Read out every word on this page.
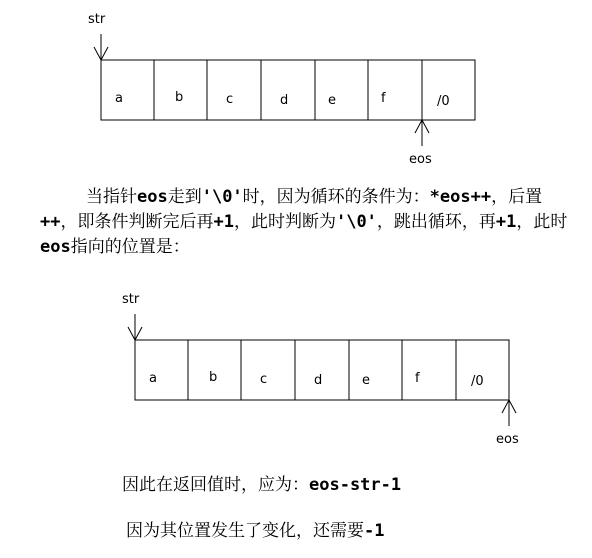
a	b	c	d	e	f	/0
str
eos
a	b	c	d	e	f	/0
str
eos

当指针eos走到'\0'时，因为循环的条件为：*eos++，后置++，即条件判断完后再+1，此时判断为'\0'，跳出循环，再+1，此时eos指向的位置是：

因此在返回值时，应为：eos-str-1

因为其位置发生了变化，还需要-1
